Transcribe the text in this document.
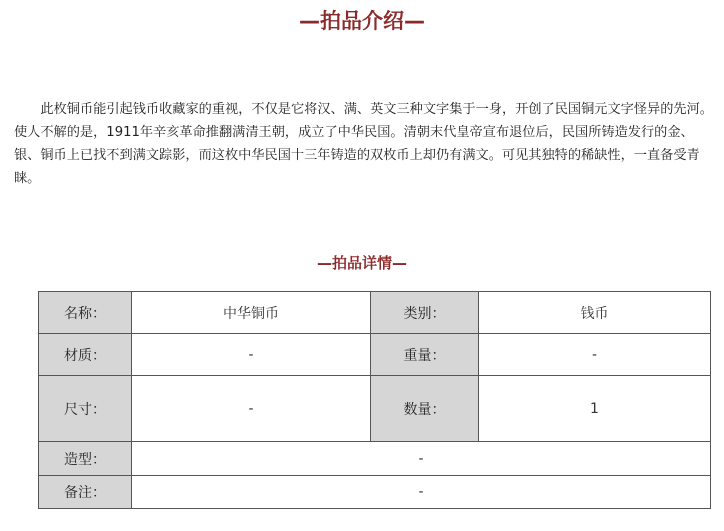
—拍品介绍—

此枚铜币能引起钱币收藏家的重视，不仅是它将汉、满、英文三种文字集于一身，开创了民国铜元文字怪异的先河。使人不解的是，1911年辛亥革命推翻满清王朝，成立了中华民国。清朝末代皇帝宣布退位后，民国所铸造发行的金、银、铜币上已找不到满文踪影，而这枚中华民国十三年铸造的双枚币上却仍有满文。可见其独特的稀缺性，一直备受青睐。

—拍品详情—
名称：	中华铜币	类别：	钱币
材质：	-	重量：	-
尺寸：	-	数量：	1
造型：	-		
备注：	-		
